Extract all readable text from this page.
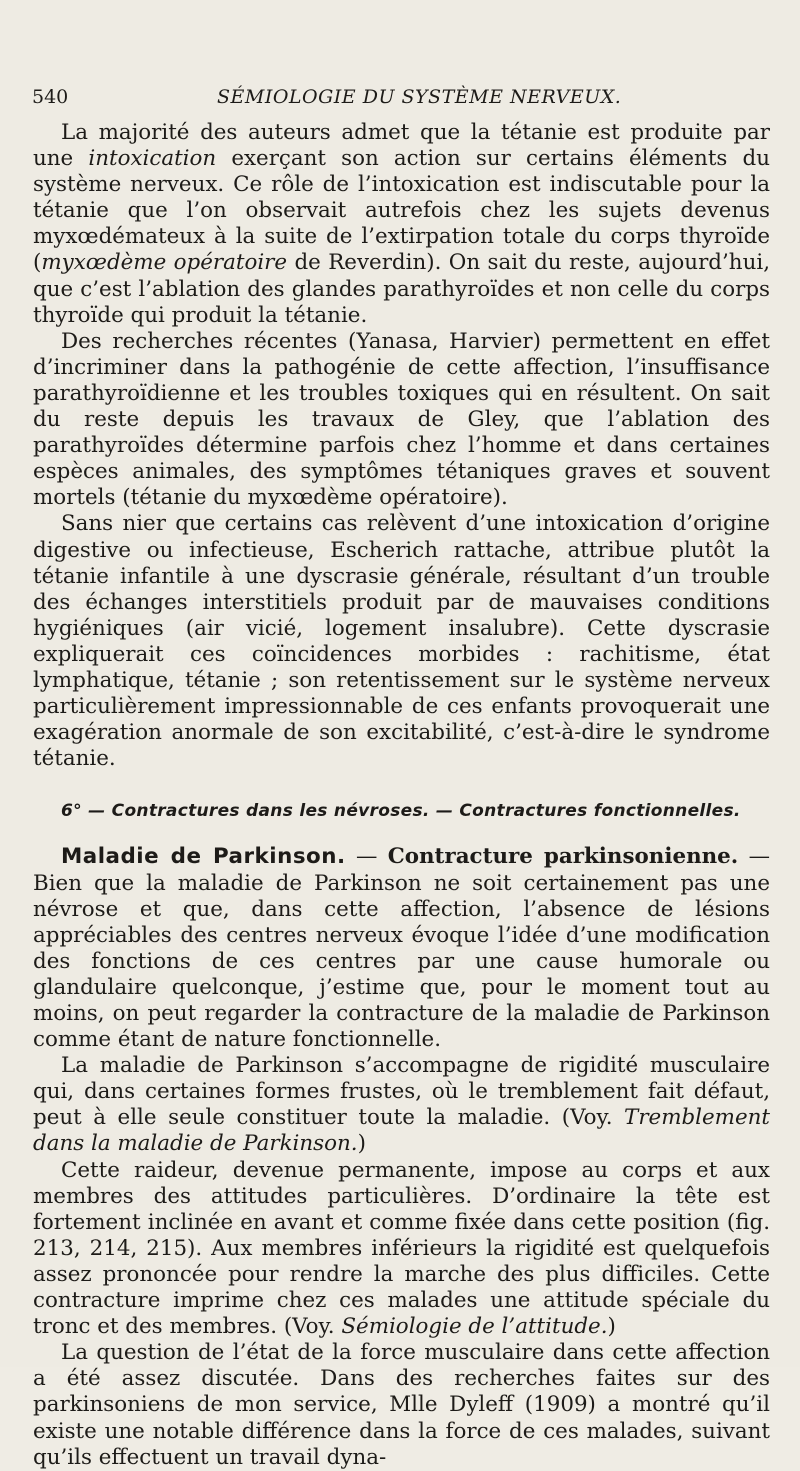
540	SÉMIOLOGIE DU SYSTÈME NERVEUX.

La majorité des auteurs admet que la tétanie est produite par une intoxication exerçant son action sur certains éléments du système nerveux. Ce rôle de l’intoxication est indiscutable pour la tétanie que l’on observait autrefois chez les sujets devenus myxœdémateux à la suite de l’extirpation totale du corps thyroïde (myxœdème opératoire de Reverdin). On sait du reste, aujourd’hui, que c’est l’ablation des glandes parathyroïdes et non celle du corps thyroïde qui produit la tétanie.

Des recherches récentes (Yanasa, Harvier) permettent en effet d’incriminer dans la pathogénie de cette affection, l’insuffisance parathyroïdienne et les troubles toxiques qui en résultent. On sait du reste depuis les travaux de Gley, que l’ablation des parathyroïdes détermine parfois chez l’homme et dans certaines espèces animales, des symptômes tétaniques graves et souvent mortels (tétanie du myxœdème opératoire).

Sans nier que certains cas relèvent d’une intoxication d’origine digestive ou infectieuse, Escherich rattache, attribue plutôt la tétanie infantile à une dyscrasie générale, résultant d’un trouble des échanges interstitiels produit par de mauvaises conditions hygiéniques (air vicié, logement insalubre). Cette dyscrasie expliquerait ces coïncidences morbides : rachitisme, état lymphatique, tétanie ; son retentissement sur le système nerveux particulièrement impressionnable de ces enfants provoquerait une exagération anormale de son excitabilité, c’est-à-dire le syndrome tétanie.

6° — Contractures dans les névroses. — Contractures fonctionnelles.

Maladie de Parkinson. — Contracture parkinsonienne. — Bien que la maladie de Parkinson ne soit certainement pas une névrose et que, dans cette affection, l’absence de lésions appréciables des centres nerveux évoque l’idée d’une modification des fonctions de ces centres par une cause humorale ou glandulaire quelconque, j’estime que, pour le moment tout au moins, on peut regarder la contracture de la maladie de Parkinson comme étant de nature fonctionnelle.

La maladie de Parkinson s’accompagne de rigidité musculaire qui, dans certaines formes frustes, où le tremblement fait défaut, peut à elle seule constituer toute la maladie. (Voy. Tremblement dans la maladie de Parkinson.)

Cette raideur, devenue permanente, impose au corps et aux membres des attitudes particulières. D’ordinaire la tête est fortement inclinée en avant et comme fixée dans cette position (fig. 213, 214, 215). Aux membres inférieurs la rigidité est quelquefois assez prononcée pour rendre la marche des plus difficiles. Cette contracture imprime chez ces malades une attitude spéciale du tronc et des membres. (Voy. Sémiologie de l’attitude.)

La question de l’état de la force musculaire dans cette affection a été assez discutée. Dans des recherches faites sur des parkinsoniens de mon service, Mlle Dyleff (1909) a montré qu’il existe une notable différence dans la force de ces malades, suivant qu’ils effectuent un travail dyna-
